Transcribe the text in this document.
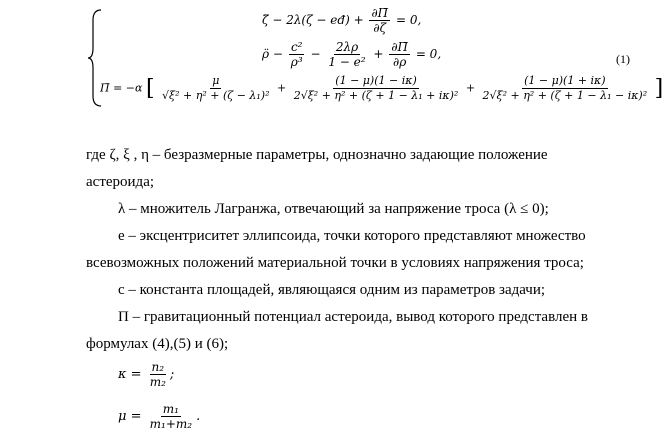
ζ̈ − 2λ(ζ − eđ) + $\frac{\partial\Pī}{\partial\zeta} = 0$,
ρ̈ − $\frac{\text{c²}}{\text{ρ³}} - \frac{2\lambda\rho}{\text{1 − e²}} + \frac{\partial\Pī}{\partial\rho} = 0$,	(1)
Π̄ = −α [ $\frac{\mu}{\text{√ξ² + η² + (ζ − λ₁)²}} + \frac{(1 - \mu)(1 - i\kappa)}{\text{2√ξ² + η² + (ζ + 1 − λ₁ + iκ)²}} + \frac{(1 - \mu)(1 + i\kappa)}{\text{2√ξ² + η² + (ζ + 1 − λ₁ − iκ)²}}$ ]
где ζ, ξ , η – безразмерные параметры, однозначно задающие положение
астероида;
λ – множитель Лагранжа, отвечающий за напряжение троса (λ ≤ 0);
e – эксцентриситет эллипсоида, точки которого представляют множество
всевозможных положений материальной точки в условиях напряжения троса;
c – константа площадей, являющаяся одним из параметров задачи;
Π – гравитационный потенциал астероида, вывод которого представлен в
формулах (4),(5) и (6);
$\kappa = \frac{\text{n₂}}{\text{m₂}}$ ;
$\mu = \frac{\text{m₁}}{\text{m₁+m₂}}$ .
